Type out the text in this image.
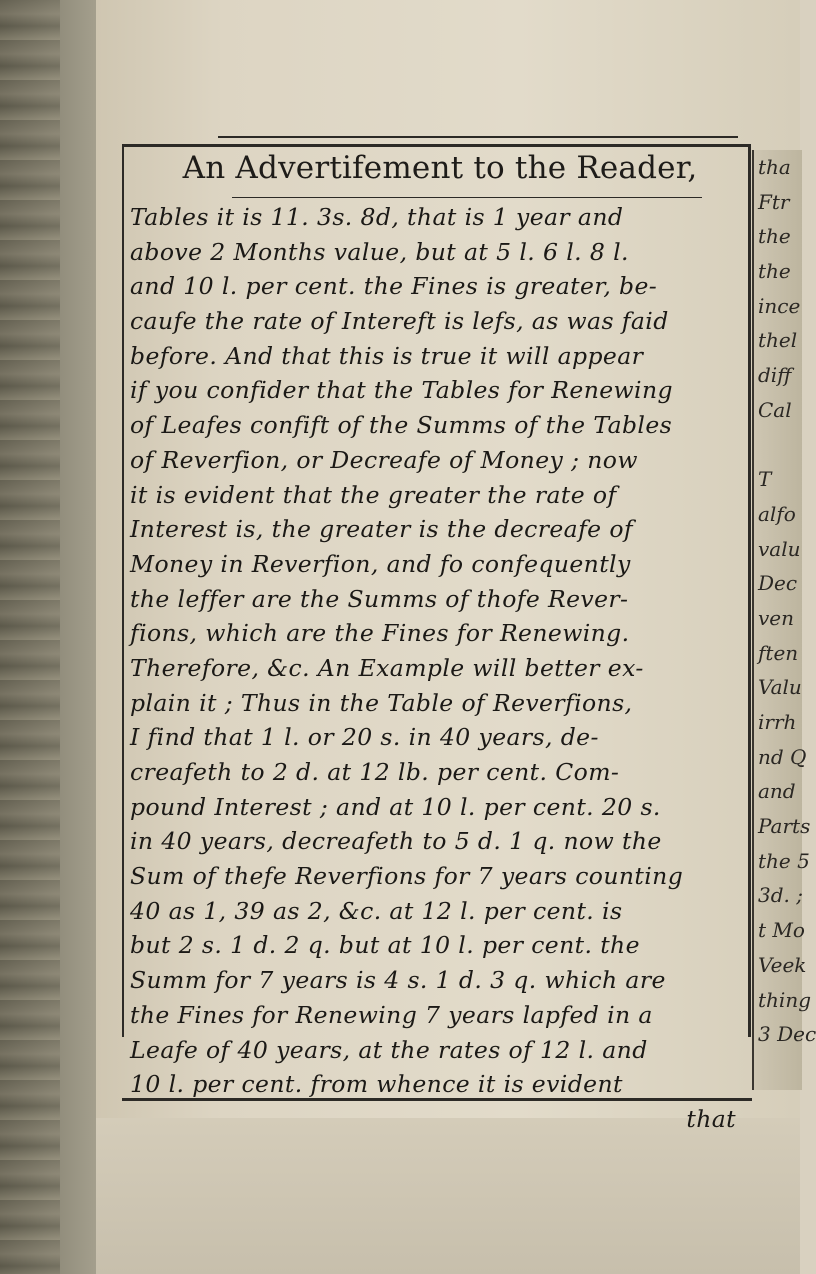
An Advertifement to the Reader,
Tables it is 11. 3s. 8d, that is 1 year and
above 2 Months value, but at 5 l. 6 l. 8 l.
and 10 l. per cent. the Fines is greater, be-
caufe the rate of Intereft is lefs, as was faid
before. And that this is true it will appear
if you confider that the Tables for Renewing
of Leafes confift of the Summs of the Tables
of Reverfion, or Decreafe of Money ; now
it is evident that the greater the rate of
Interest is, the greater is the decreafe of
Money in Reverfion, and fo confequently
the leffer are the Summs of thofe Rever-
fions, which are the Fines for Renewing.
Therefore, &c. An Example will better ex-
plain it ; Thus in the Table of Reverfions,
I find that 1 l. or 20 s. in 40 years, de-
creafeth to 2 d. at 12 lb. per cent. Com-
pound Interest ; and at 10 l. per cent. 20 s.
in 40 years, decreafeth to 5 d. 1 q. now the
Sum of thefe Reverfions for 7 years counting
40 as 1, 39 as 2, &c. at 12 l. per cent. is
but 2 s. 1 d. 2 q. but at 10 l. per cent. the
Summ for 7 years is 4 s. 1 d. 3 q. which are
the Fines for Renewing 7 years lapfed in a
Leafe of 40 years, at the rates of 12 l. and
10 l. per cent. from whence it is evident
that
tha
Ftr
the
the
ince
thel
diff
Cal
T
alfo
valu
Dec
ven
ften
Valu
irrh
nd Q
and
Parts
the 5
3d. ;
t Mo
Veek
thing
3 Dec
